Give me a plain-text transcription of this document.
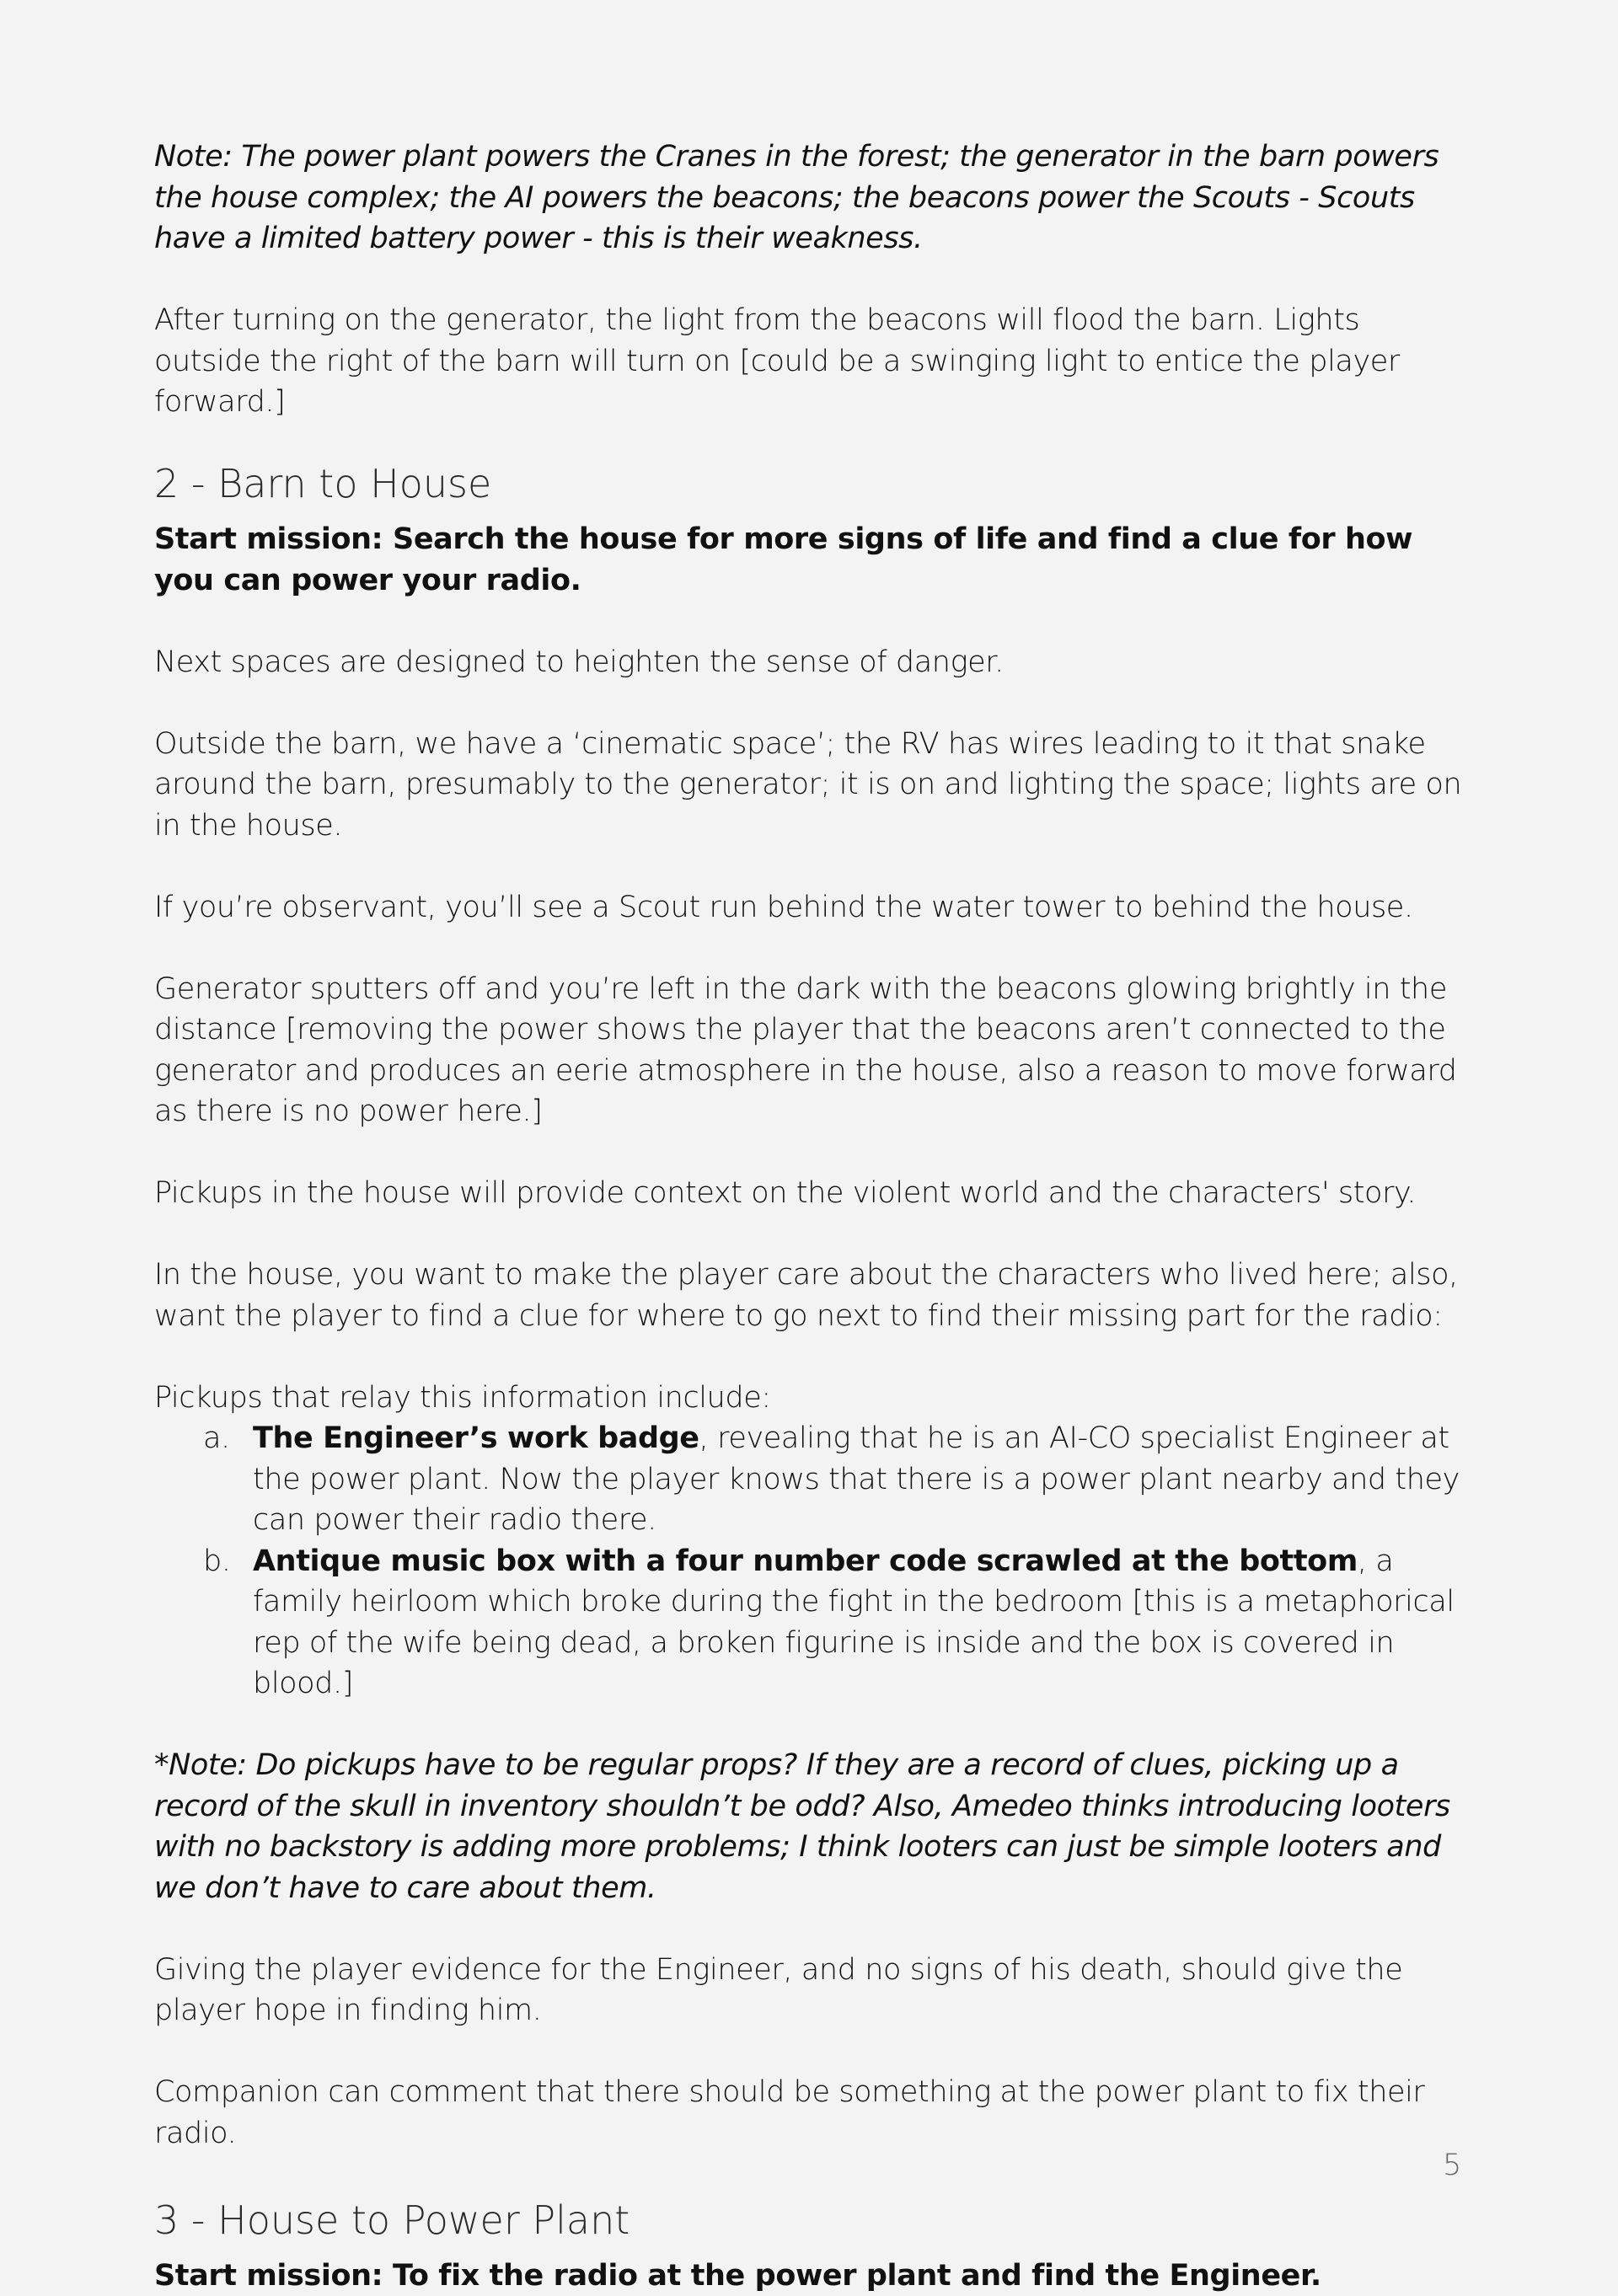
Note: The power plant powers the Cranes in the forest; the generator in the barn powers the house complex; the AI powers the beacons; the beacons power the Scouts - Scouts have a limited battery power - this is their weakness.

After turning on the generator, the light from the beacons will flood the barn. Lights outside the right of the barn will turn on [could be a swinging light to entice the player forward.]

2 - Barn to House

Start mission: Search the house for more signs of life and find a clue for how you can power your radio.

Next spaces are designed to heighten the sense of danger.

Outside the barn, we have a ‘cinematic space’; the RV has wires leading to it that snake around the barn, presumably to the generator; it is on and lighting the space; lights are on in the house.

If you’re observant, you’ll see a Scout run behind the water tower to behind the house.

Generator sputters off and you’re left in the dark with the beacons glowing brightly in the distance [removing the power shows the player that the beacons aren’t connected to the generator and produces an eerie atmosphere in the house, also a reason to move forward as there is no power here.]

Pickups in the house will provide context on the violent world and the characters' story.

In the house, you want to make the player care about the characters who lived here; also, want the player to find a clue for where to go next to find their missing part for the radio:

Pickups that relay this information include:
a. The Engineer’s work badge, revealing that he is an AI-CO specialist Engineer at the power plant. Now the player knows that there is a power plant nearby and they can power their radio there.
b. Antique music box with a four number code scrawled at the bottom, a family heirloom which broke during the fight in the bedroom [this is a metaphorical rep of the wife being dead, a broken figurine is inside and the box is covered in blood.]

*Note: Do pickups have to be regular props? If they are a record of clues, picking up a record of the skull in inventory shouldn’t be odd? Also, Amedeo thinks introducing looters with no backstory is adding more problems; I think looters can just be simple looters and we don’t have to care about them.

Giving the player evidence for the Engineer, and no signs of his death, should give the player hope in finding him.

Companion can comment that there should be something at the power plant to fix their radio.

3 - House to Power Plant

Start mission: To fix the radio at the power plant and find the Engineer.

5
